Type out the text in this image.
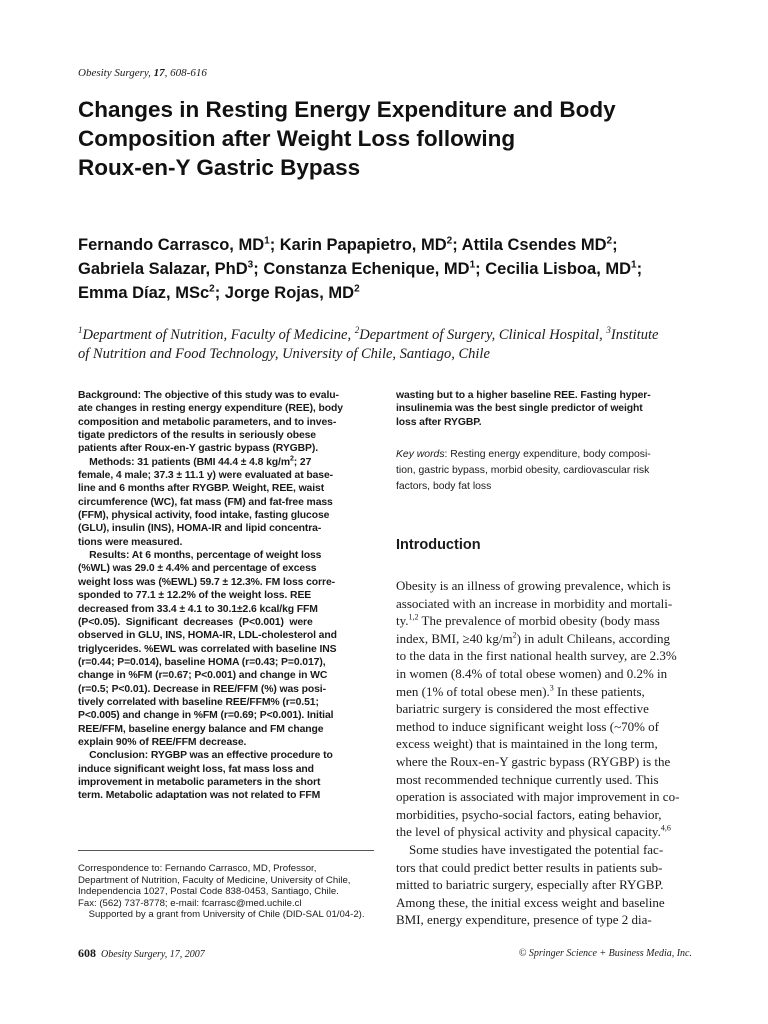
Obesity Surgery, 17, 608-616
Changes in Resting Energy Expenditure and Body
Composition after Weight Loss following
Roux-en-Y Gastric Bypass
Fernando Carrasco, $MD^1$; Karin Papapietro, $MD^2$; Attila Csendes $MD^2$;
Gabriela Salazar, PhD$^3$; Constanza Echenique, $MD^1$; Cecilia Lisboa, $MD^1$;
Emma Díaz, MSc$^2$; Jorge Rojas, $MD^2$
$^1$Department of Nutrition, Faculty of Medicine, $^2$Department of Surgery, Clinical Hospital, $^3$Institute
of Nutrition and Food Technology, University of Chile, Santiago, Chile
Background: The objective of this study was to evalu-
ate changes in resting energy expenditure (REE), body
composition and metabolic parameters, and to inves-
tigate predictors of the results in seriously obese
patients after Roux-en-Y gastric bypass (RYGBP).
Methods: 31 patients (BMI 44.4 ± 4.8 $kg/m^2$; 27
female, 4 male; 37.3 ± 11.1 y) were evaluated at base-
line and 6 months after RYGBP. Weight, REE, waist
circumference (WC), fat mass (FM) and fat-free mass
(FFM), physical activity, food intake, fasting glucose
(GLU), insulin (INS), HOMA-IR and lipid concentra-
tions were measured.
Results: At 6 months, percentage of weight loss
(%WL) was 29.0 ± 4.4% and percentage of excess
weight loss was (%EWL) 59.7 ± 12.3%. FM loss corre-
sponded to 77.1 ± 12.2% of the weight loss. REE
decreased from 33.4 ± 4.1 to 30.1±2.6 kcal/kg FFM
(P<0.05).  Significant  decreases  (P<0.001)  were
observed in GLU, INS, HOMA-IR, LDL-cholesterol and
triglycerides. %EWL was correlated with baseline INS
(r=0.44; P=0.014), baseline HOMA (r=0.43; P=0.017),
change in %FM (r=0.67; P<0.001) and change in WC
(r=0.5; P<0.01). Decrease in REE/FFM (%) was posi-
tively correlated with baseline REE/FFM% (r=0.51;
P<0.005) and change in %FM (r=0.69; P<0.001). Initial
REE/FFM, baseline energy balance and FM change
explain 90% of REE/FFM decrease.
Conclusion: RYGBP was an effective procedure to
induce significant weight loss, fat mass loss and
improvement in metabolic parameters in the short
term. Metabolic adaptation was not related to FFM
wasting but to a higher baseline REE. Fasting hyper-
insulinemia was the best single predictor of weight
loss after RYGBP.
Key words: Resting energy expenditure, body composi-
tion, gastric bypass, morbid obesity, cardiovascular risk
factors, body fat loss
Introduction
Obesity is an illness of growing prevalence, which is
associated with an increase in morbidity and mortali-
ty.$^{1,2}$ The prevalence of morbid obesity (body mass
index, BMI, ≥40 $kg/m^2$) in adult Chileans, according
to the data in the first national health survey, are 2.3%
in women (8.4% of total obese women) and 0.2% in
men (1% of total obese men).$^3$ In these patients,
bariatric surgery is considered the most effective
method to induce significant weight loss (~70% of
excess weight) that is maintained in the long term,
where the Roux-en-Y gastric bypass (RYGBP) is the
most recommended technique currently used. This
operation is associated with major improvement in co-
morbidities, psycho-social factors, eating behavior,
the level of physical activity and physical capacity.$^{4,6}$
Some studies have investigated the potential fac-
tors that could predict better results in patients sub-
mitted to bariatric surgery, especially after RYGBP.
Among these, the initial excess weight and baseline
BMI, energy expenditure, presence of type 2 dia-
Correspondence to: Fernando Carrasco, MD, Professor,
Department of Nutrition, Faculty of Medicine, University of Chile,
Independencia 1027, Postal Code 838-0453, Santiago, Chile.
Fax: (562) 737-8778; e-mail: fcarrasc@med.uchile.cl
Supported by a grant from University of Chile (DID-SAL 01/04-2).
608 Obesity Surgery, 17, 2007	© Springer Science + Business Media, Inc.
